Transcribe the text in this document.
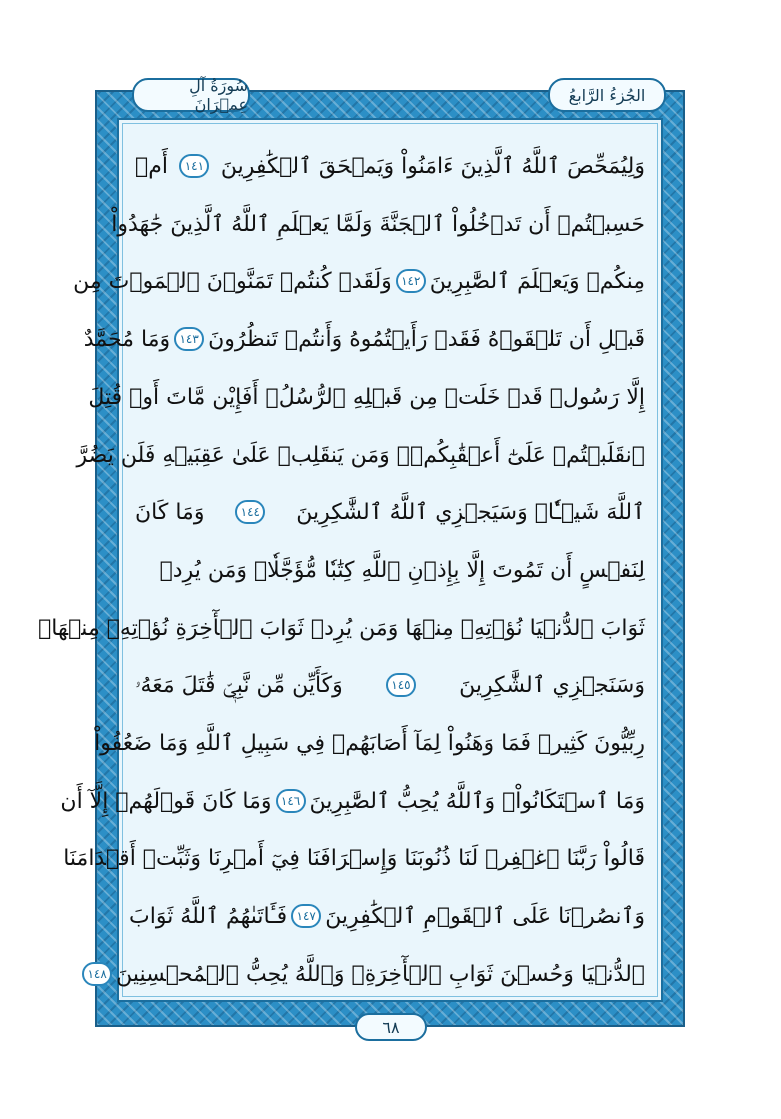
الجُزءُ الرَّابعُ
سُورَةُ آلِ عِمۡرَانَ
وَلِيُمَحِّصَ ٱللَّهُ ٱلَّذِينَ ءَامَنُواْ وَيَمۡحَقَ ٱلۡكَٰفِرِينَ
١٤١
أَمۡ
حَسِبۡتُمۡ أَن تَدۡخُلُواْ ٱلۡجَنَّةَ وَلَمَّا يَعۡلَمِ ٱللَّهُ ٱلَّذِينَ جَٰهَدُواْ
مِنكُمۡ وَيَعۡلَمَ ٱلصَّٰبِرِينَ
١٤٢
وَلَقَدۡ كُنتُمۡ تَمَنَّوۡنَ ٱلۡمَوۡتَ مِن
قَبۡلِ أَن تَلۡقَوۡهُ فَقَدۡ رَأَيۡتُمُوهُ وَأَنتُمۡ تَنظُرُونَ
١٤٣
وَمَا مُحَمَّدٌ
إِلَّا رَسُولٞ قَدۡ خَلَتۡ مِن قَبۡلِهِ ٱلرُّسُلُۚ أَفَإِيْن مَّاتَ أَوۡ قُتِلَ
ٱنقَلَبۡتُمۡ عَلَىٰٓ أَعۡقَٰبِكُمۡۚ وَمَن يَنقَلِبۡ عَلَىٰ عَقِبَيۡهِ فَلَن يَضُرَّ
ٱللَّهَ شَيۡـٔٗاۗ وَسَيَجۡزِي ٱللَّهُ ٱلشَّٰكِرِينَ
١٤٤
وَمَا كَانَ
لِنَفۡسٍ أَن تَمُوتَ إِلَّا بِإِذۡنِ ٱللَّهِ كِتَٰبٗا مُّؤَجَّلٗاۗ وَمَن يُرِدۡ
ثَوَابَ ٱلدُّنۡيَا نُؤۡتِهِۦ مِنۡهَا وَمَن يُرِدۡ ثَوَابَ ٱلۡأٓخِرَةِ نُؤۡتِهِۦ مِنۡهَاۚ
وَسَنَجۡزِي ٱلشَّٰكِرِينَ
١٤٥
وَكَأَيِّن مِّن نَّبِيّٖ قَٰتَلَ مَعَهُۥ
رِبِّيُّونَ كَثِيرٞ فَمَا وَهَنُواْ لِمَآ أَصَابَهُمۡ فِي سَبِيلِ ٱللَّهِ وَمَا ضَعُفُواْ
وَمَا ٱسۡتَكَانُواْۗ وَٱللَّهُ يُحِبُّ ٱلصَّٰبِرِينَ
١٤٦
وَمَا كَانَ قَوۡلَهُمۡ إِلَّآ أَن
قَالُواْ رَبَّنَا ٱغۡفِرۡ لَنَا ذُنُوبَنَا وَإِسۡرَافَنَا فِيٓ أَمۡرِنَا وَثَبِّتۡ أَقۡدَامَنَا
وَٱنصُرۡنَا عَلَى ٱلۡقَوۡمِ ٱلۡكَٰفِرِينَ
١٤٧
فَـَٔاتَىٰهُمُ ٱللَّهُ ثَوَابَ
ٱلدُّنۡيَا وَحُسۡنَ ثَوَابِ ٱلۡأٓخِرَةِۗ وَٱللَّهُ يُحِبُّ ٱلۡمُحۡسِنِينَ
١٤٨
٦٨
